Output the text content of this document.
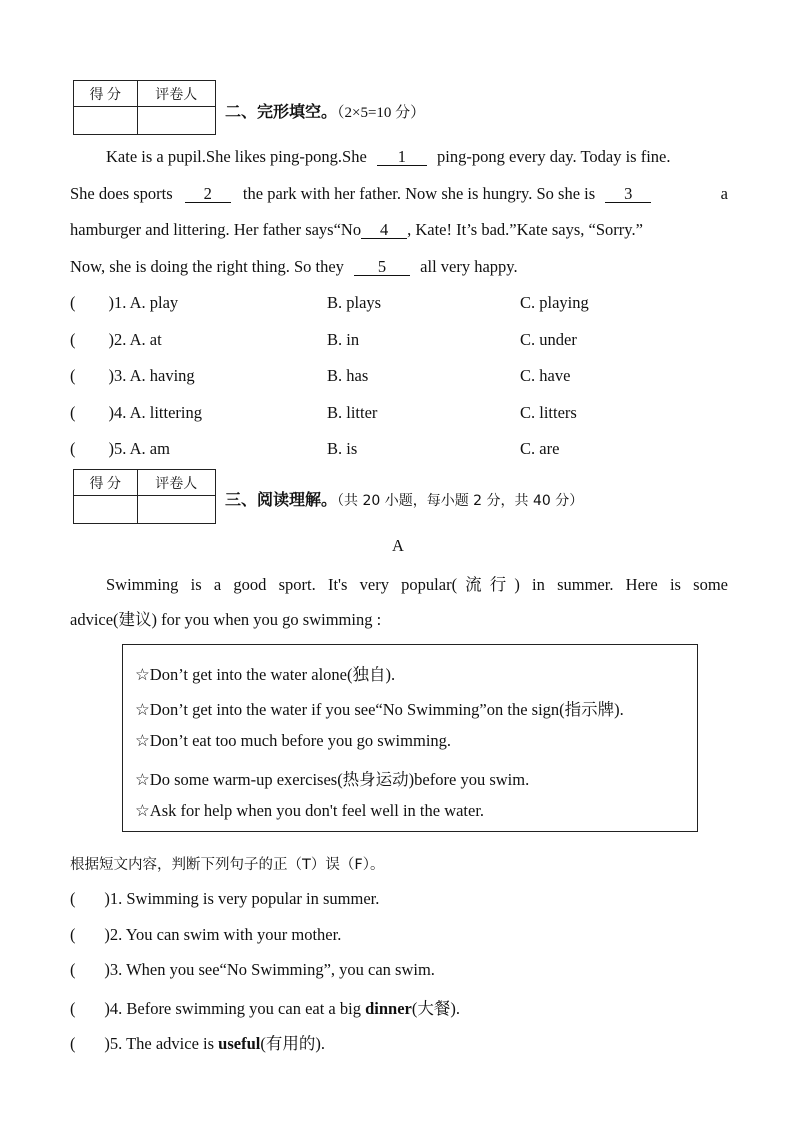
得 分	评卷人

二、完形填空。（2×5=10 分）
Kate is a pupil.She likes ping-pong.She 1 ping-pong every day. Today is fine.
She does sports 2 the park with her father. Now she is hungry. So she is 3	a
hamburger and littering. Her father says“No 4 , Kate! It’s bad.”Kate says, “Sorry.”
Now, she is doing the right thing. So they 5 all very happy.
(        )1. A. play	B. plays	C. playing
(        )2. A. at	B. in	C. under
(        )3. A. having	B. has	C. have
(        )4. A. littering	B. litter	C. litters
(        )5. A. am	B. is	C. are
得 分	评卷人

三、阅读理解。（共 20 小题，每小题 2 分，共 40 分）
A
Swimming is a good sport. It's very popular(流行) in summer. Here is some
advice(建议) for you when you go swimming :
☆Don’t get into the water alone(独自).
☆Don’t get into the water if you see“No Swimming”on the sign(指示牌).
☆Don’t eat too much before you go swimming.
☆Do some warm-up exercises(热身运动)before you swim.
☆Ask for help when you don't feel well in the water.
根据短文内容，判断下列句子的正（T）误（F）。
(       )1. Swimming is very popular in summer.
(       )2. You can swim with your mother.
(       )3. When you see“No Swimming”, you can swim.
(       )4. Before swimming you can eat a big dinner(大餐).
(       )5. The advice is useful(有用的).
